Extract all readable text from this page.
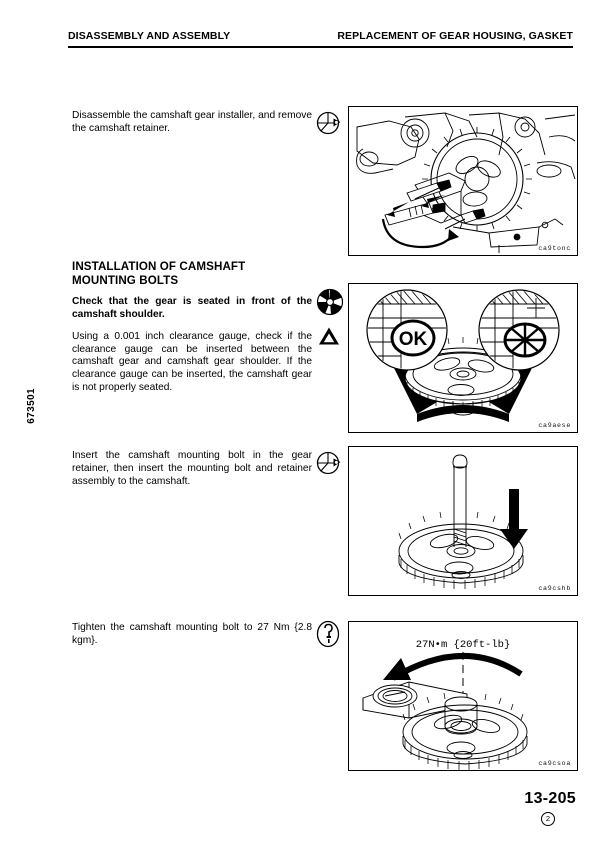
DISASSEMBLY AND ASSEMBLY	REPLACEMENT OF GEAR HOUSING, GASKET
673501

Disassemble the camshaft gear installer, and remove the camshaft retainer.

ca9tonc
INSTALLATION OF CAMSHAFT
MOUNTING BOLTS

Check that the gear is seated in front of the camshaft shoulder.

Using a 0.001 inch clearance gauge, check if the clearance gauge can be inserted between the camshaft gear and camshaft gear shoulder. If the clearance gauge can be inserted, the camshaft gear is not properly seated.

OK
ca9aese

Insert the camshaft mounting bolt in the gear retainer, then insert the mounting bolt and retainer assembly to the camshaft.

ca9cshb

Tighten the camshaft mounting bolt to 27 Nm {2.8 kgm}.	27N•m {20ft-lb}
ca9csoa
13-205
2
